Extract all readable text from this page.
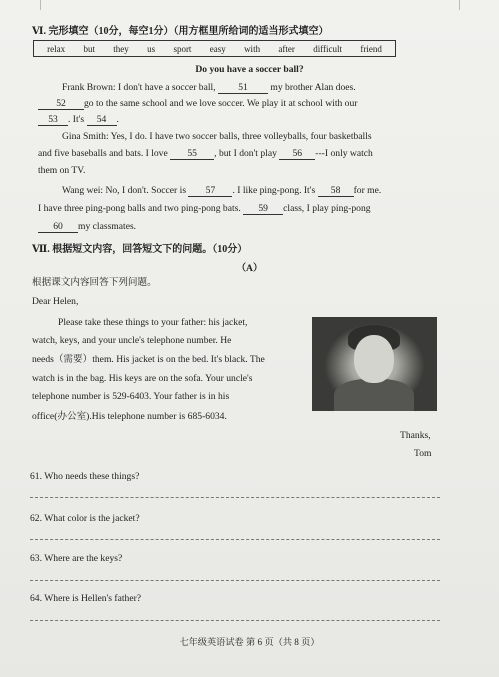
Ⅵ. 完形填空（10分，每空1分）（用方框里所给词的适当形式填空）
relax but they us sport easy with after difficult friend
Do you have a soccer ball?
Frank Brown: I don't have a soccer ball, 51 my brother Alan does.
52 go to the same school and we love soccer. We play it at school with our
53 . It's 54 .
Gina Smith: Yes, I do. I have two soccer balls, three volleyballs, four basketballs
and five baseballs and bats. I love 55 , but I don't play 56 ---I only watch
them on TV.
Wang wei: No, I don't. Soccer is 57 . I like ping-pong. It's 58 for me.
I have three ping-pong balls and two ping-pong bats. 59 class, I play ping-pong
60 my classmates.
Ⅶ. 根据短文内容，回答短文下的问题。（10分）
（A）
根据课文内容回答下列问题。
Dear Helen,
Please take these things to your father: his jacket,
watch, keys, and your uncle's telephone number. He
needs（需要）them. His jacket is on the bed. It's black. The
watch is in the bag. His keys are on the sofa. Your uncle's
telephone number is 529-6403. Your father is in his
office(办公室).His telephone number is 685-6034.
Thanks,
Tom
61. Who needs these things?
62. What color is the jacket?
63. Where are the keys?
64. Where is Hellen's father?
七年级英语试卷 第 6 页（共 8 页）
